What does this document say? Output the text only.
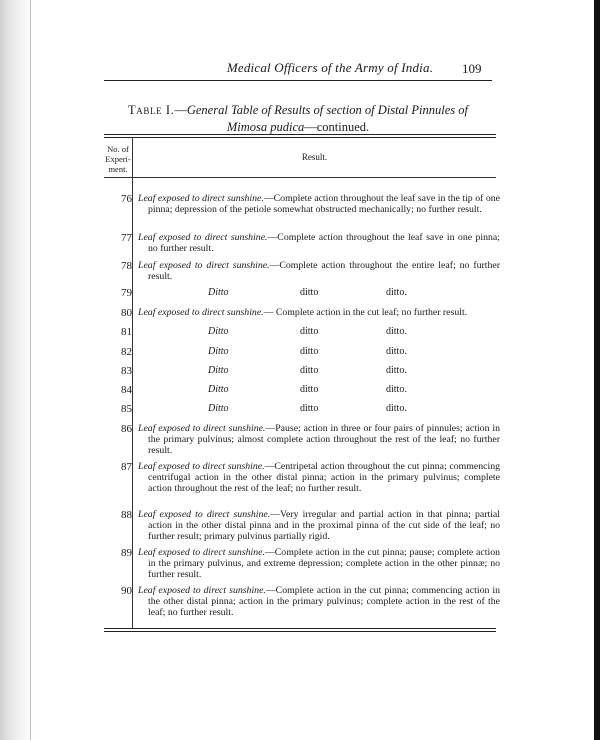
Medical Officers of the Army of India.	109
Table I.—General Table of Results of section of Distal Pinnules of
Mimosa pudica—continued.
No. of Experi-ment.
Result.
76 Leaf exposed to direct sunshine.—Complete action throughout the leaf save in the tip of one pinna; depression of the petiole somewhat obstructed mechanically; no further result.
77 Leaf exposed to direct sunshine.—Complete action throughout the leaf save in one pinna; no further result.
78 Leaf exposed to direct sunshine.—Complete action throughout the entire leaf; no further result.
79	Ditto	ditto	ditto.
80 Leaf exposed to direct sunshine.— Complete action in the cut leaf; no further result.
81	Ditto	ditto	ditto.
82	Ditto	ditto	ditto.
83	Ditto	ditto	ditto.
84	Ditto	ditto	ditto.
85	Ditto	ditto	ditto.
86 Leaf exposed to direct sunshine.—Pause; action in three or four pairs of pinnules; action in the primary pulvinus; almost complete action throughout the rest of the leaf; no further result.
87 Leaf exposed to direct sunshine.—Centripetal action throughout the cut pinna; commencing centrifugal action in the other distal pinna; action in the primary pulvinus; complete action throughout the rest of the leaf; no further result.
88 Leaf exposed to direct sunshine.—Very irregular and partial action in that pinna; partial action in the other distal pinna and in the proximal pinna of the cut side of the leaf; no further result; primary pulvinus partially rigid.
89 Leaf exposed to direct sunshine.—Complete action in the cut pinna; pause; complete action in the primary pulvinus, and extreme depression; complete action in the other pinnæ; no further result.
90 Leaf exposed to direct sunshine.—Complete action in the cut pinna; commencing action in the other distal pinna; action in the primary pulvinus; complete action in the rest of the leaf; no further result.
